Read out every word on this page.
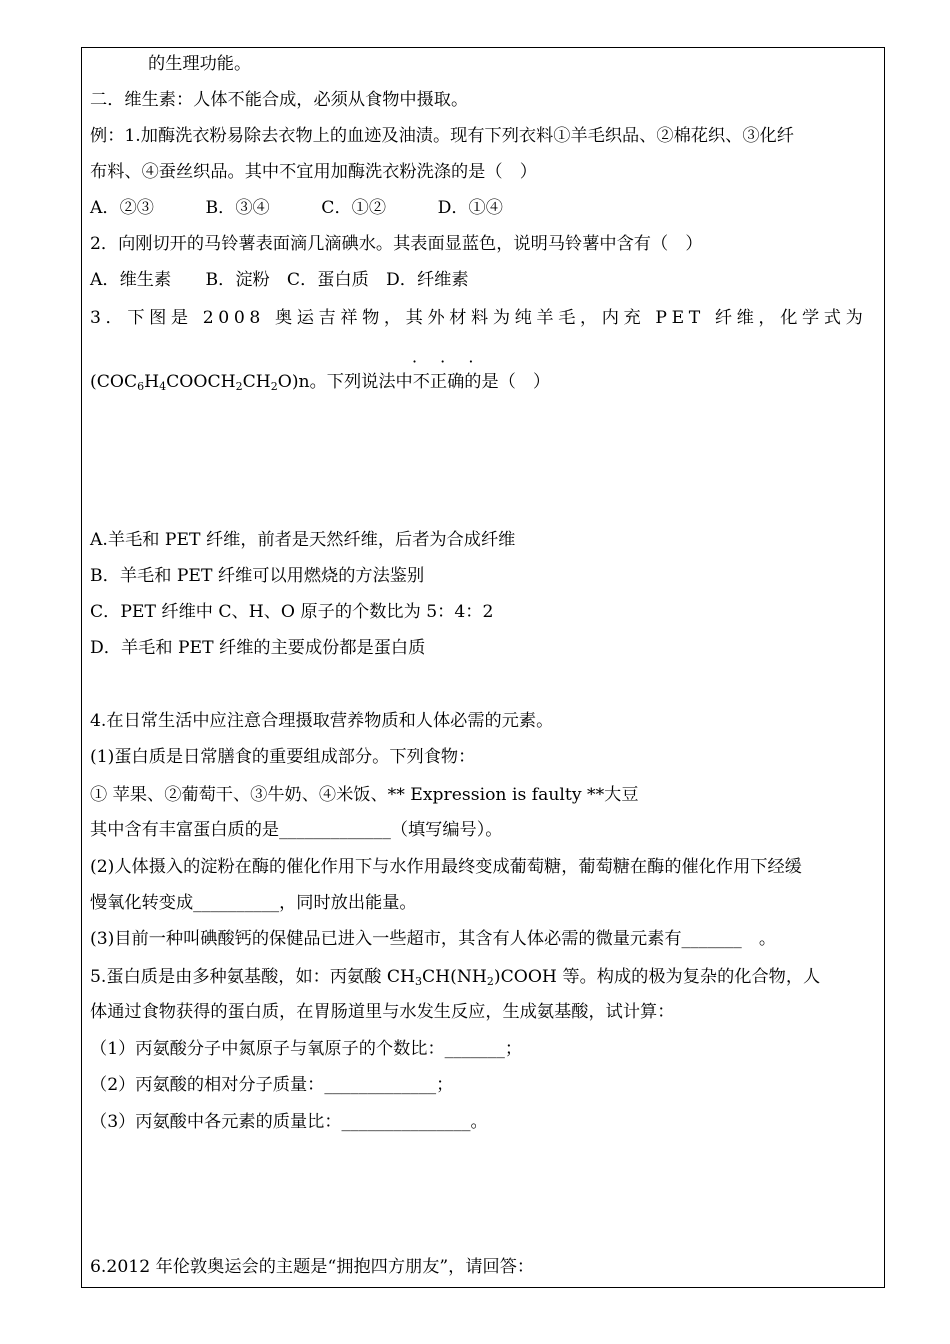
的生理功能。
二．维生素：人体不能合成，必须从食物中摄取。
例：1.加酶洗衣粉易除去衣物上的血迹及油渍。现有下列衣料①羊毛织品、②棉花织、③化纤
布料、④蚕丝织品。其中不宜用加酶洗衣粉洗涤的是（　）
A．②③　　　B．③④　　　C．①②　　　D．①④
2．向刚切开的马铃薯表面滴几滴碘水。其表面显蓝色，说明马铃薯中含有（　）
A．维生素　　B．淀粉　C．蛋白质　D．纤维素
3．下图是 2008 奥运吉祥物，其外材料为纯羊毛，内充 PET 纤维，化学式为
· · ·
$(COC_6H_4COOCH_2CH_2O)n$。下列说法中不正确的是（　）
A.羊毛和 PET 纤维，前者是天然纤维，后者为合成纤维
B．羊毛和 PET 纤维可以用燃烧的方法鉴别
C．PET 纤维中 C、H、O 原子的个数比为 5：4：2
D．羊毛和 PET 纤维的主要成份都是蛋白质
4.在日常生活中应注意合理摄取营养物质和人体必需的元素。
(1)蛋白质是日常膳食的重要组成部分。下列食物：
① 苹果、②葡萄干、③牛奶、④米饭、** Expression is faulty **大豆
其中含有丰富蛋白质的是_____________（填写编号）。
(2)人体摄入的淀粉在酶的催化作用下与水作用最终变成葡萄糖，葡萄糖在酶的催化作用下经缓
慢氧化转变成__________，同时放出能量。
(3)目前一种叫碘酸钙的保健品已进入一些超市，其含有人体必需的微量元素有_______　。
5.蛋白质是由多种氨基酸，如：丙氨酸 $CH_3CH(NH_2)COOH$ 等。构成的极为复杂的化合物，人
体通过食物获得的蛋白质，在胃肠道里与水发生反应，生成氨基酸，试计算：
（1）丙氨酸分子中氮原子与氧原子的个数比：_______；
（2）丙氨酸的相对分子质量：_____________；
（3）丙氨酸中各元素的质量比：_______________。
6.2012 年伦敦奥运会的主题是“拥抱四方朋友”，请回答：
